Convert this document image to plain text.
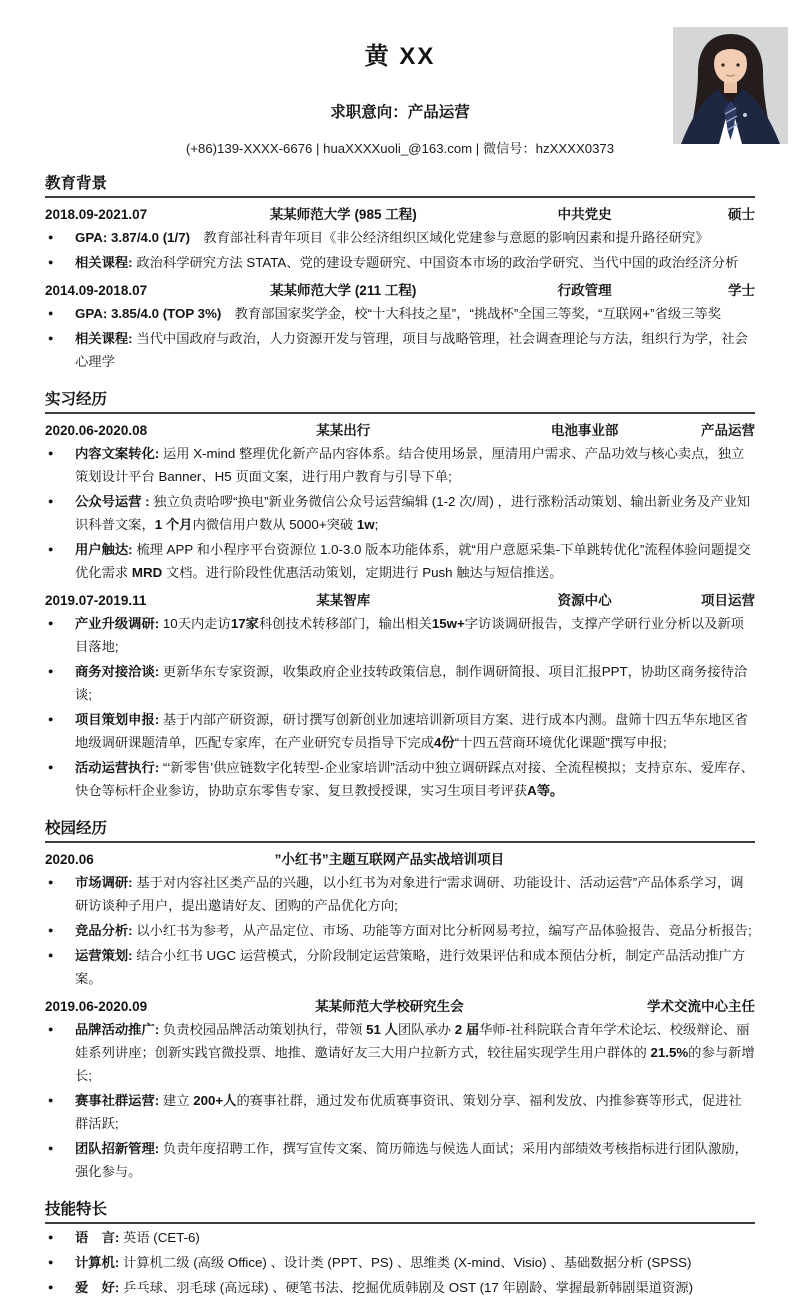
黄 XX
求职意向：产品运营
(+86)139-XXXX-6676 | huaXXXXuoli_@163.com | 微信号：hzXXXX0373
教育背景
2018.09-2021.07	某某师范大学 (985 工程)	中共党史	硕士
● GPA: 3.87/4.0 (1/7)　教育部社科青年项目《非公经济组织区域化党建参与意愿的影响因素和提升路径研究》
● 相关课程: 政治科学研究方法 STATA、党的建设专题研究、中国资本市场的政治学研究、当代中国的政治经济分析
2014.09-2018.07	某某师范大学 (211 工程)	行政管理	学士
● GPA: 3.85/4.0 (TOP 3%)　教育部国家奖学金，校“十大科技之星”，“挑战杯”全国三等奖，“互联网+”省级三等奖
● 相关课程: 当代中国政府与政治，人力资源开发与管理，项目与战略管理，社会调查理论与方法，组织行为学，社会心理学
实习经历
2020.06-2020.08	某某出行	电池事业部	产品运营
● 内容文案转化: 运用 X-mind 整理优化新产品内容体系。结合使用场景，厘清用户需求、产品功效与核心卖点，独立策划设计平台 Banner、H5 页面文案，进行用户教育与引导下单;
● 公众号运营 : 独立负责哈啰“换电”新业务微信公众号运营编辑 (1-2 次/周) ，进行涨粉活动策划、输出新业务及产业知识科普文案，1 个月内微信用户数从 5000+突破 1w;
● 用户触达: 梳理 APP 和小程序平台资源位 1.0-3.0 版本功能体系，就“用户意愿采集-下单跳转优化”流程体验问题提交优化需求 MRD 文档。进行阶段性优惠活动策划，定期进行 Push 触达与短信推送。
2019.07-2019.11	某某智库	资源中心	项目运营
● 产业升级调研: 10天内走访17家科创技术转移部门，输出相关15w+字访谈调研报告，支撑产学研行业分析以及新项目落地;
● 商务对接洽谈: 更新华东专家资源，收集政府企业技转政策信息，制作调研简报、项目汇报PPT，协助区商务接待洽谈;
● 项目策划申报: 基于内部产研资源，研讨撰写创新创业加速培训新项目方案、进行成本内测。盘筛十四五华东地区省地级调研课题清单，匹配专家库，在产业研究专员指导下完成4份“十四五营商环境优化课题”撰写申报;
● 活动运营执行: “‘新零售’供应链数字化转型-企业家培训”活动中独立调研踩点对接、全流程模拟；支持京东、爱库存、快仓等标杆企业参访，协助京东零售专家、复旦教授授课，实习生项目考评获A等。
校园经历
2020.06	”小红书”主题互联网产品实战培训项目
● 市场调研: 基于对内容社区类产品的兴趣，以小红书为对象进行“需求调研、功能设计、活动运营”产品体系学习，调研访谈种子用户，提出邀请好友、团购的产品优化方向;
● 竞品分析: 以小红书为参考，从产品定位、市场、功能等方面对比分析网易考拉，编写产品体验报告、竞品分析报告;
● 运营策划: 结合小红书 UGC 运营模式，分阶段制定运营策略，进行效果评估和成本预估分析，制定产品活动推广方案。
2019.06-2020.09	某某师范大学校研究生会	学术交流中心主任
● 品牌活动推广: 负责校园品牌活动策划执行，带领 51 人团队承办 2 届华师-社科院联合青年学术论坛、校级辩论、丽娃系列讲座；创新实践官微投票、地推、邀请好友三大用户拉新方式，较往届实现学生用户群体的 21.5%的参与新增长;
● 赛事社群运营: 建立 200+人的赛事社群，通过发布优质赛事资讯、策划分享、福利发放、内推参赛等形式，促进社群活跃;
● 团队招新管理: 负责年度招聘工作，撰写宣传文案、简历筛选与候选人面试；采用内部绩效考核指标进行团队激励，强化参与。
技能特长
● 语　言: 英语 (CET-6)
● 计算机: 计算机二级 (高级 Office) 、设计类 (PPT、PS) 、思维类 (X-mind、Visio) 、基础数据分析 (SPSS)
● 爱　好: 乒乓球、羽毛球 (高远球) 、硬笔书法、挖掘优质韩剧及 OST (17 年剧龄、掌握最新韩剧渠道资源)
